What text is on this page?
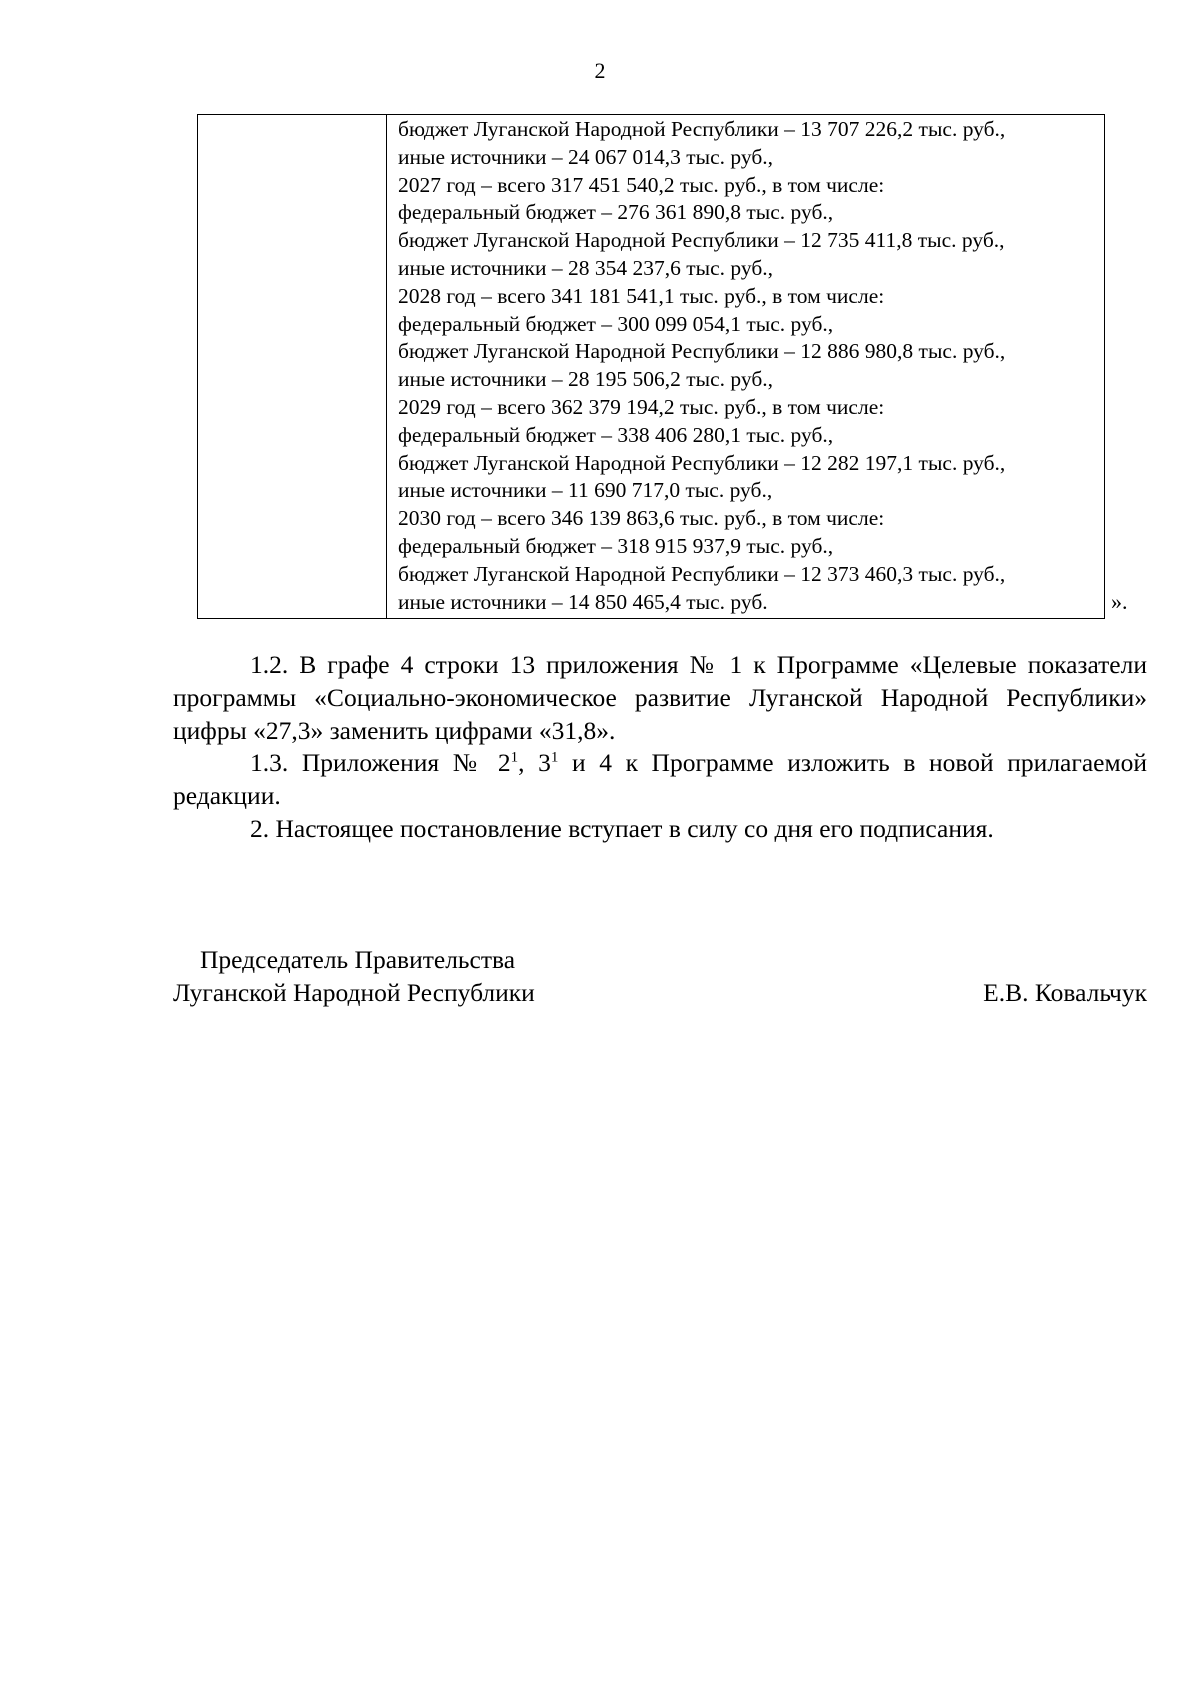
2
бюджет Луганской Народной Республики – 13 707 226,2 тыс. руб.,
иные источники – 24 067 014,3 тыс. руб.,
2027 год – всего 317 451 540,2 тыс. руб., в том числе:
федеральный бюджет – 276 361 890,8 тыс. руб.,
бюджет Луганской Народной Республики – 12 735 411,8 тыс. руб.,
иные источники – 28 354 237,6 тыс. руб.,
2028 год – всего 341 181 541,1 тыс. руб., в том числе:
федеральный бюджет – 300 099 054,1 тыс. руб.,
бюджет Луганской Народной Республики – 12 886 980,8 тыс. руб.,
иные источники – 28 195 506,2 тыс. руб.,
2029 год – всего 362 379 194,2 тыс. руб., в том числе:
федеральный бюджет – 338 406 280,1 тыс. руб.,
бюджет Луганской Народной Республики – 12 282 197,1 тыс. руб.,
иные источники – 11 690 717,0 тыс. руб.,
2030 год – всего 346 139 863,6 тыс. руб., в том числе:
федеральный бюджет – 318 915 937,9 тыс. руб.,
бюджет Луганской Народной Республики – 12 373 460,3 тыс. руб.,
иные источники – 14 850 465,4 тыс. руб.	».

1.2. В графе 4 строки 13 приложения № 1 к Программе «Целевые показатели программы «Социально-экономическое развитие Луганской Народной Республики» цифры «27,3» заменить цифрами «31,8».

1.3. Приложения № $2^1$, $3^1$ и 4 к Программе изложить в новой прилагаемой редакции.

2. Настоящее постановление вступает в силу со дня его подписания.

Председатель Правительства
Луганской Народной Республики	Е.В. Ковальчук
